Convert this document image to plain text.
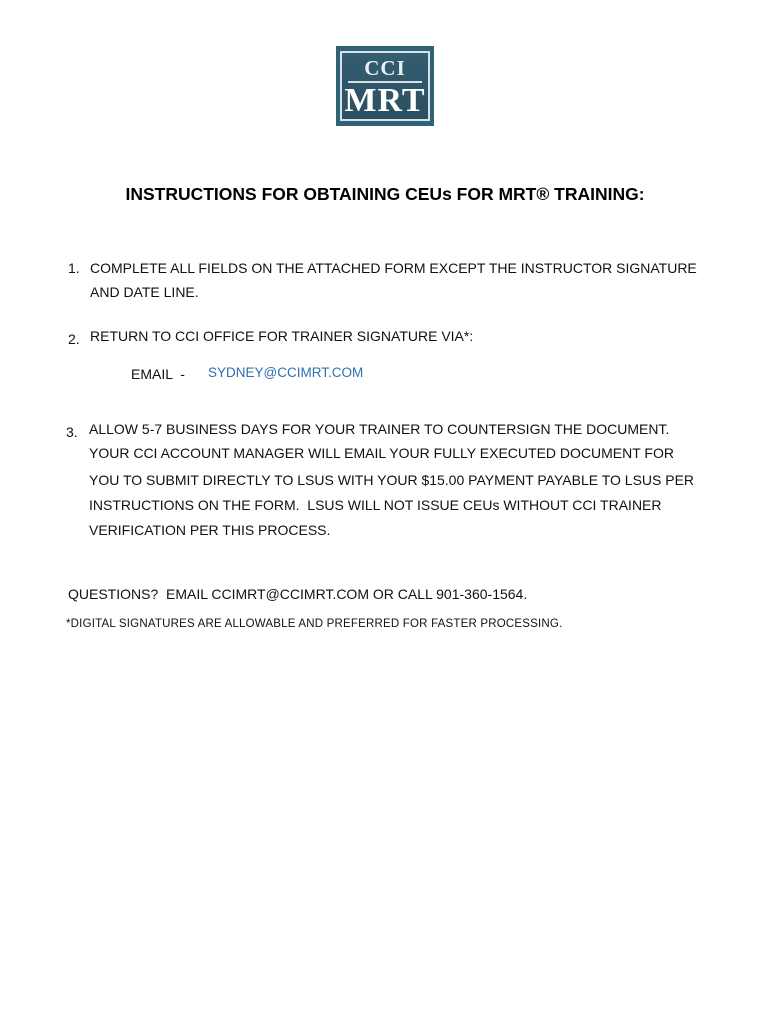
CCI
MRT
INSTRUCTIONS FOR OBTAINING CEUs FOR MRT® TRAINING:
1. COMPLETE ALL FIELDS ON THE ATTACHED FORM EXCEPT THE INSTRUCTOR SIGNATURE
AND DATE LINE.
2. RETURN TO CCI OFFICE FOR TRAINER SIGNATURE VIA*:
EMAIL  - SYDNEY@CCIMRT.COM
3. ALLOW 5-7 BUSINESS DAYS FOR YOUR TRAINER TO COUNTERSIGN THE DOCUMENT.
YOUR CCI ACCOUNT MANAGER WILL EMAIL YOUR FULLY EXECUTED DOCUMENT FOR
YOU TO SUBMIT DIRECTLY TO LSUS WITH YOUR $15.00 PAYMENT PAYABLE TO LSUS PER
INSTRUCTIONS ON THE FORM.  LSUS WILL NOT ISSUE CEUs WITHOUT CCI TRAINER
VERIFICATION PER THIS PROCESS.
QUESTIONS?  EMAIL CCIMRT@CCIMRT.COM OR CALL 901-360-1564.
*DIGITAL SIGNATURES ARE ALLOWABLE AND PREFERRED FOR FASTER PROCESSING.
